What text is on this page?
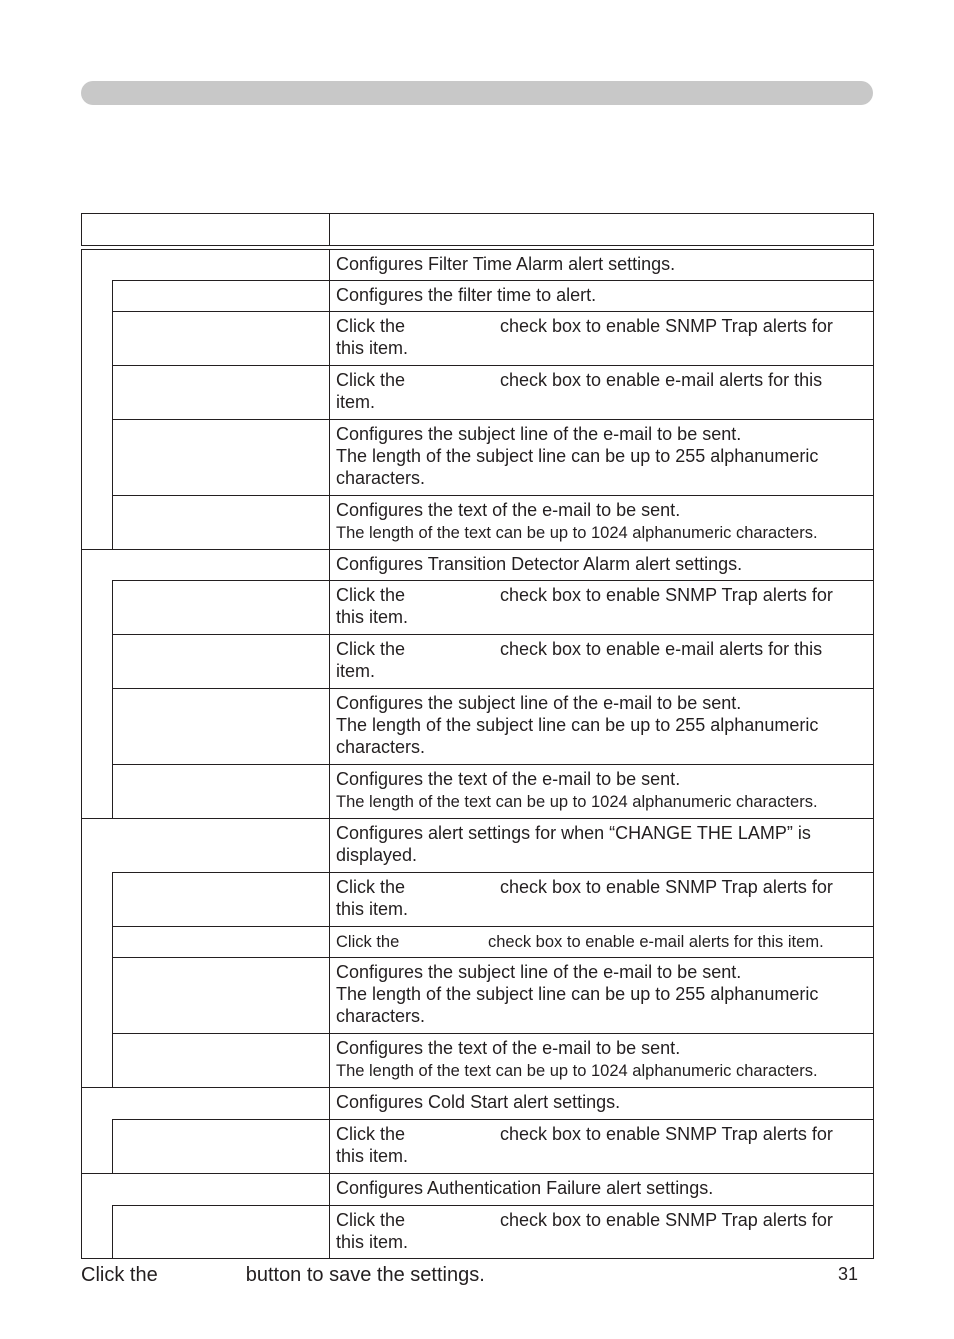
Configures Filter Time Alarm alert settings.
Configures the filter time to alert.
Click the	check box to enable SNMP Trap alerts for
this item.
Click the	check box to enable e-mail alerts for this
item.
Configures the subject line of the e-mail to be sent.
The length of the subject line can be up to 255 alphanumeric
characters.
Configures the text of the e-mail to be sent.
The length of the text can be up to 1024 alphanumeric characters.
Configures Transition Detector Alarm alert settings.
Click the	check box to enable SNMP Trap alerts for
this item.
Click the	check box to enable e-mail alerts for this
item.
Configures the subject line of the e-mail to be sent.
The length of the subject line can be up to 255 alphanumeric
characters.
Configures the text of the e-mail to be sent.
The length of the text can be up to 1024 alphanumeric characters.
Configures alert settings for when “CHANGE THE LAMP” is
displayed.
Click the	check box to enable SNMP Trap alerts for
this item.
Click the	check box to enable e-mail alerts for this item.
Configures the subject line of the e-mail to be sent.
The length of the subject line can be up to 255 alphanumeric
characters.
Configures the text of the e-mail to be sent.
The length of the text can be up to 1024 alphanumeric characters.
Configures Cold Start alert settings.
Click the	check box to enable SNMP Trap alerts for
this item.
Configures Authentication Failure alert settings.
Click the	check box to enable SNMP Trap alerts for
this item.
Click the	button to save the settings.	31
